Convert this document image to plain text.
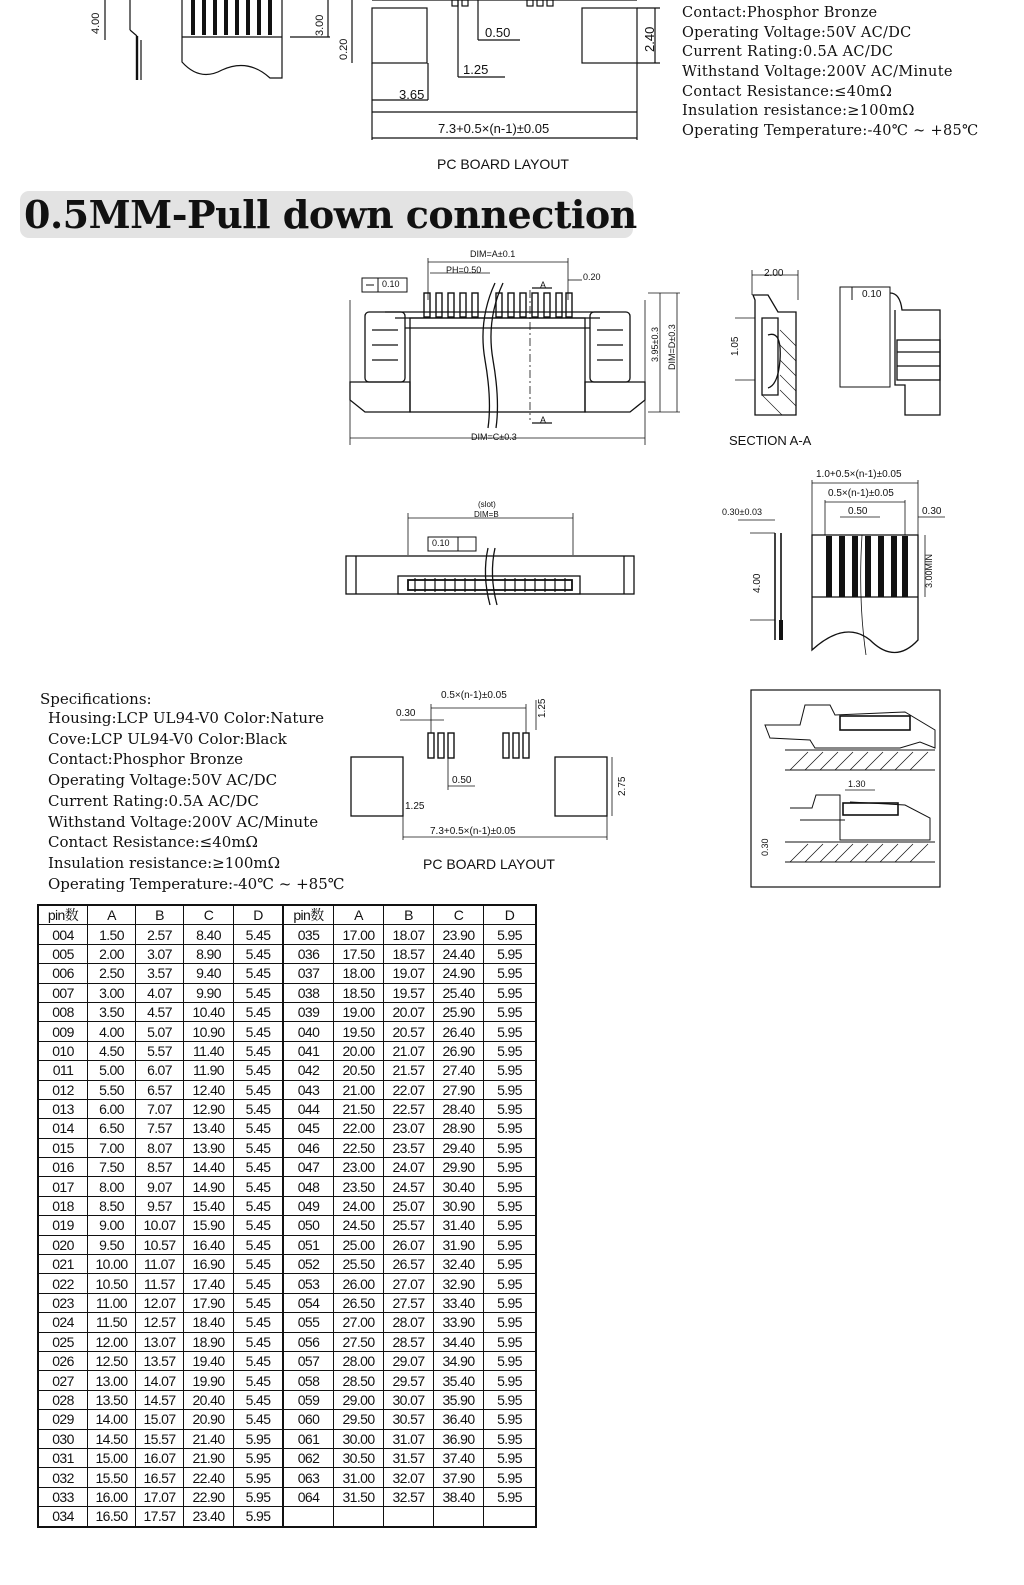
4.00	3.00
0.20
0.50	2.40
1.25
3.65
7.3+0.5×(n-1)±0.05
PC BOARD LAYOUT
Contact:Phosphor Bronze
Operating Voltage:50V AC/DC
Current Rating:0.5A AC/DC
Withstand Voltage:200V AC/Minute
Contact Resistance:≤40mΩ
Insulation resistance:≥100mΩ
Operating Temperature:-40℃ ~ +85℃
0.5MM-Pull down connection
DIM=A±0.1
PH=0.50
0.10
0.20
A
A
3.95±0.3 DIM=D±0.3
DIM=C±0.3
2.00
1.05
0.10
SECTION A-A
(slot)
DIM=B
0.10
1.0+0.5×(n-1)±0.05
0.5×(n-1)±0.05
0.50	0.30
0.30±0.03
4.00	3.00MIN
0.5×(n-1)±0.05
0.30	1.25
0.50
1.25
2.75
7.3+0.5×(n-1)±0.05
PC BOARD LAYOUT
1.30
0.30
Specifications:
Housing:LCP UL94-V0 Color:Nature
Cove:LCP UL94-V0 Color:Black
Contact:Phosphor Bronze
Operating Voltage:50V AC/DC
Current Rating:0.5A AC/DC
Withstand Voltage:200V AC/Minute
Contact Resistance:≤40mΩ
Insulation resistance:≥100mΩ
Operating Temperature:-40℃ ~ +85℃
pin数	A	B	C	D	pin数	A	B	C	D
004	1.50	2.57	8.40	5.45	035	17.00	18.07	23.90	5.95
005	2.00	3.07	8.90	5.45	036	17.50	18.57	24.40	5.95
006	2.50	3.57	9.40	5.45	037	18.00	19.07	24.90	5.95
007	3.00	4.07	9.90	5.45	038	18.50	19.57	25.40	5.95
008	3.50	4.57	10.40	5.45	039	19.00	20.07	25.90	5.95
009	4.00	5.07	10.90	5.45	040	19.50	20.57	26.40	5.95
010	4.50	5.57	11.40	5.45	041	20.00	21.07	26.90	5.95
011	5.00	6.07	11.90	5.45	042	20.50	21.57	27.40	5.95
012	5.50	6.57	12.40	5.45	043	21.00	22.07	27.90	5.95
013	6.00	7.07	12.90	5.45	044	21.50	22.57	28.40	5.95
014	6.50	7.57	13.40	5.45	045	22.00	23.07	28.90	5.95
015	7.00	8.07	13.90	5.45	046	22.50	23.57	29.40	5.95
016	7.50	8.57	14.40	5.45	047	23.00	24.07	29.90	5.95
017	8.00	9.07	14.90	5.45	048	23.50	24.57	30.40	5.95
018	8.50	9.57	15.40	5.45	049	24.00	25.07	30.90	5.95
019	9.00	10.07	15.90	5.45	050	24.50	25.57	31.40	5.95
020	9.50	10.57	16.40	5.45	051	25.00	26.07	31.90	5.95
021	10.00	11.07	16.90	5.45	052	25.50	26.57	32.40	5.95
022	10.50	11.57	17.40	5.45	053	26.00	27.07	32.90	5.95
023	11.00	12.07	17.90	5.45	054	26.50	27.57	33.40	5.95
024	11.50	12.57	18.40	5.45	055	27.00	28.07	33.90	5.95
025	12.00	13.07	18.90	5.45	056	27.50	28.57	34.40	5.95
026	12.50	13.57	19.40	5.45	057	28.00	29.07	34.90	5.95
027	13.00	14.07	19.90	5.45	058	28.50	29.57	35.40	5.95
028	13.50	14.57	20.40	5.45	059	29.00	30.07	35.90	5.95
029	14.00	15.07	20.90	5.45	060	29.50	30.57	36.40	5.95
030	14.50	15.57	21.40	5.95	061	30.00	31.07	36.90	5.95
031	15.00	16.07	21.90	5.95	062	30.50	31.57	37.40	5.95
032	15.50	16.57	22.40	5.95	063	31.00	32.07	37.90	5.95
033	16.00	17.07	22.90	5.95	064	31.50	32.57	38.40	5.95
034	16.50	17.57	23.40	5.95					
